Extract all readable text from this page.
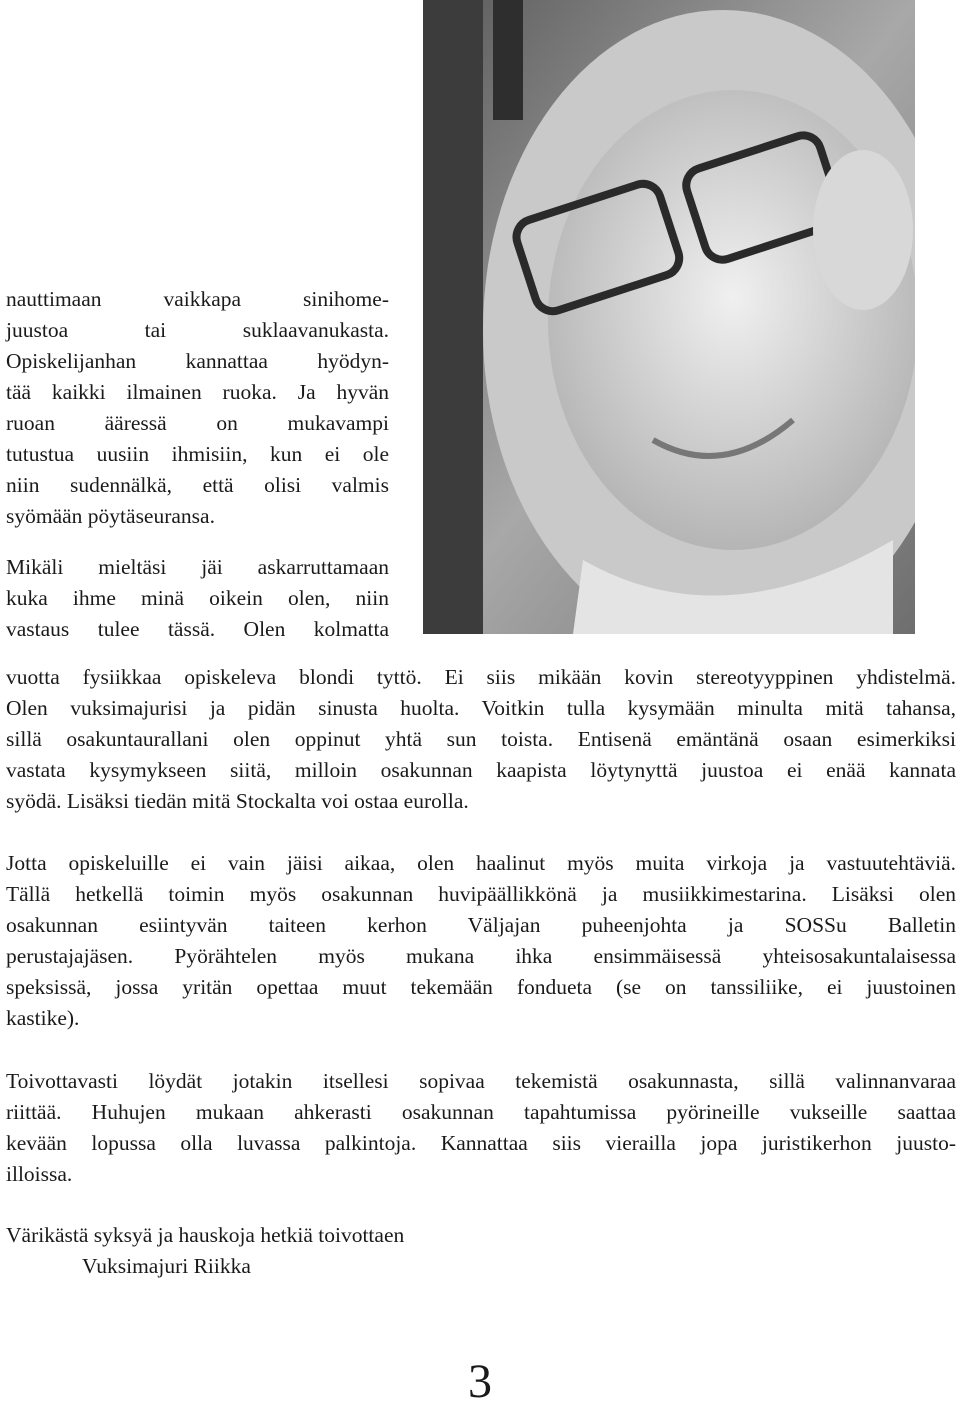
nauttimaan vaikkapa sinihome-
juustoa tai suklaavanukasta.
Opiskelijanhan kannattaa hyödyn-
tää kaikki ilmainen ruoka. Ja hyvän
ruoan ääressä on mukavampi
tutustua uusiin ihmisiin, kun ei ole
niin sudennälkä, että olisi valmis
syömään pöytäseuransa.

Mikäli mieltäsi jäi askarruttamaan
kuka ihme minä oikein olen, niin
vastaus tulee tässä. Olen kolmatta

vuotta fysiikkaa opiskeleva blondi tyttö. Ei siis mikään kovin stereotyyppinen yhdistelmä.
Olen vuksimajurisi ja pidän sinusta huolta. Voitkin tulla kysymään minulta mitä tahansa,
sillä osakuntaurallani olen oppinut yhtä sun toista. Entisenä emäntänä osaan esimerkiksi
vastata kysymykseen siitä, milloin osakunnan kaapista löytynyttä juustoa ei enää kannata
syödä. Lisäksi tiedän mitä Stockalta voi ostaa eurolla.

Jotta opiskeluille ei vain jäisi aikaa, olen haalinut myös muita virkoja ja vastuutehtäviä.
Tällä hetkellä toimin myös osakunnan huvipäällikkönä ja musiikkimestarina. Lisäksi olen
osakunnan esiintyvän taiteen kerhon Väljajan puheenjohta ja SOSSu Balletin
perustajajäsen. Pyörähtelen myös mukana ihka ensimmäisessä yhteisosakuntalaisessa
speksissä, jossa yritän opettaa muut tekemään fondueta (se on tanssiliike, ei juustoinen
kastike).

Toivottavasti löydät jotakin itsellesi sopivaa tekemistä osakunnasta, sillä valinnanvaraa
riittää. Huhujen mukaan ahkerasti osakunnan tapahtumissa pyörineille vukseille saattaa
kevään lopussa olla luvassa palkintoja. Kannattaa siis vierailla jopa juristikerhon juusto-
illoissa.

Värikästä syksyä ja hauskoja hetkiä toivottaen
Vuksimajuri Riikka
3
